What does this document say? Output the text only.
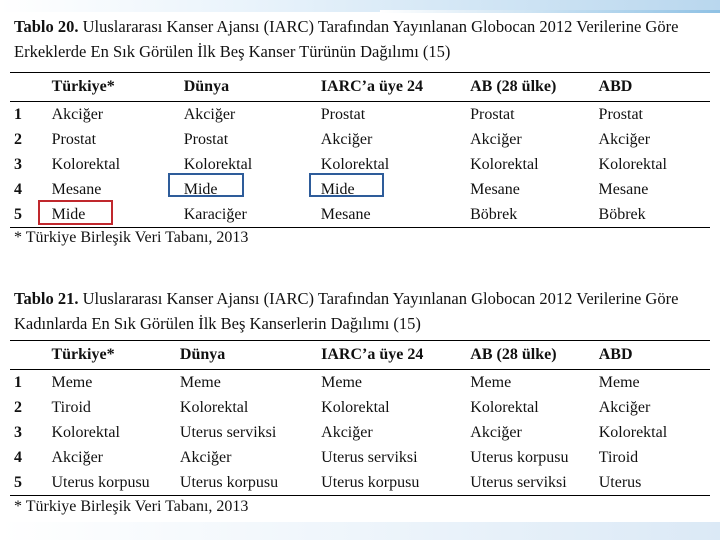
Tablo 20. Uluslararası Kanser Ajansı (IARC) Tarafından Yayınlanan Globocan 2012 Verilerine Göre
Erkeklerde En Sık Görülen İlk Beş Kanser Türünün Dağılımı (15)
	Türkiye*	Dünya	IARC’a üye 24	AB (28 ülke)	ABD
1	Akciğer	Akciğer	Prostat	Prostat	Prostat
2	Prostat	Prostat	Akciğer	Akciğer	Akciğer
3	Kolorektal	Kolorektal	Kolorektal	Kolorektal	Kolorektal
4	Mesane	Mide	Mide	Mesane	Mesane
5	Mide	Karaciğer	Mesane	Böbrek	Böbrek
* Türkiye Birleşik Veri Tabanı, 2013
Tablo 21. Uluslararası Kanser Ajansı (IARC) Tarafından Yayınlanan Globocan 2012 Verilerine Göre
Kadınlarda En Sık Görülen İlk Beş Kanserlerin Dağılımı (15)
	Türkiye*	Dünya	IARC’a üye 24	AB (28 ülke)	ABD
1	Meme	Meme	Meme	Meme	Meme
2	Tiroid	Kolorektal	Kolorektal	Kolorektal	Akciğer
3	Kolorektal	Uterus serviksi	Akciğer	Akciğer	Kolorektal
4	Akciğer	Akciğer	Uterus serviksi	Uterus korpusu	Tiroid
5	Uterus korpusu	Uterus korpusu	Uterus korpusu	Uterus serviksi	Uterus
* Türkiye Birleşik Veri Tabanı, 2013
